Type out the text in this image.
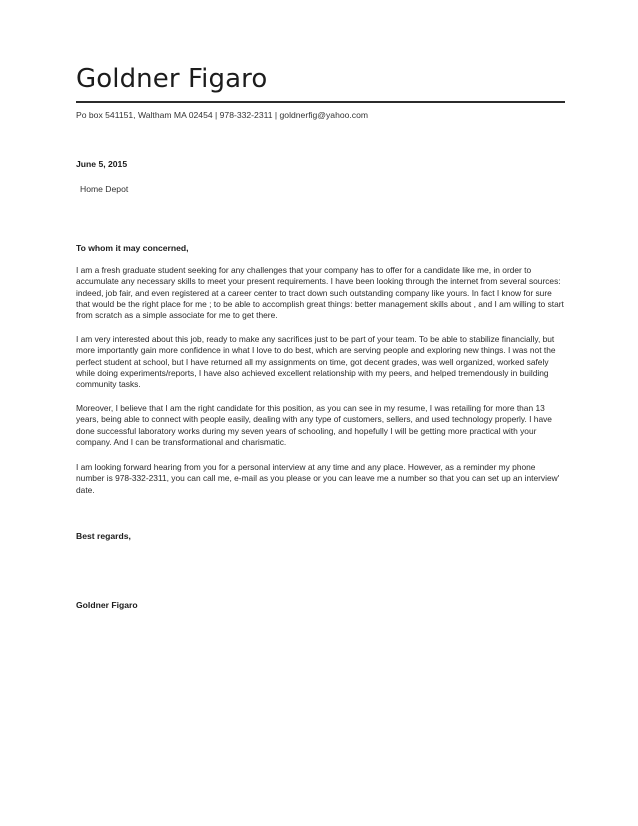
Goldner Figaro
Po box 541151, Waltham MA 02454 | 978-332-2311 | goldnerfig@yahoo.com
June 5, 2015
Home Depot
To whom it may concerned,

I am a fresh graduate student seeking for any challenges that your company has to offer for a candidate like me, in order to accumulate any necessary skills to meet your present requirements. I have been looking through the internet from several sources: indeed, job fair, and even registered at a career center to tract down such outstanding company like yours. In fact I know for sure that would be the right place for me ; to be able to accomplish great things: better management skills about , and I am willing to start from scratch as a simple associate for me to get there.

I am very interested about this job, ready to make any sacrifices just to be part of your team. To be able to stabilize financially, but more importantly gain more confidence in what I love to do best, which are serving people and exploring new things. I was not the perfect student at school, but I have returned all my assignments on time, got decent grades, was well organized, worked safely while doing experiments/reports, I have also achieved excellent relationship with my peers, and helped tremendously in building community tasks.

Moreover, I believe that I am the right candidate for this position, as you can see in my resume, I was retailing for more than 13 years, being able to connect with people easily, dealing with any type of customers, sellers, and used technology properly. I have done successful laboratory works during my seven years of schooling, and hopefully I will be getting more practical with your company. And I can be transformational and charismatic.

I am looking forward hearing from you for a personal interview at any time and any place. However, as a reminder my phone number is 978-332-2311, you can call me, e-mail as you please or you can leave me a number so that you can set up an interview' date.

Best regards,
Goldner Figaro
